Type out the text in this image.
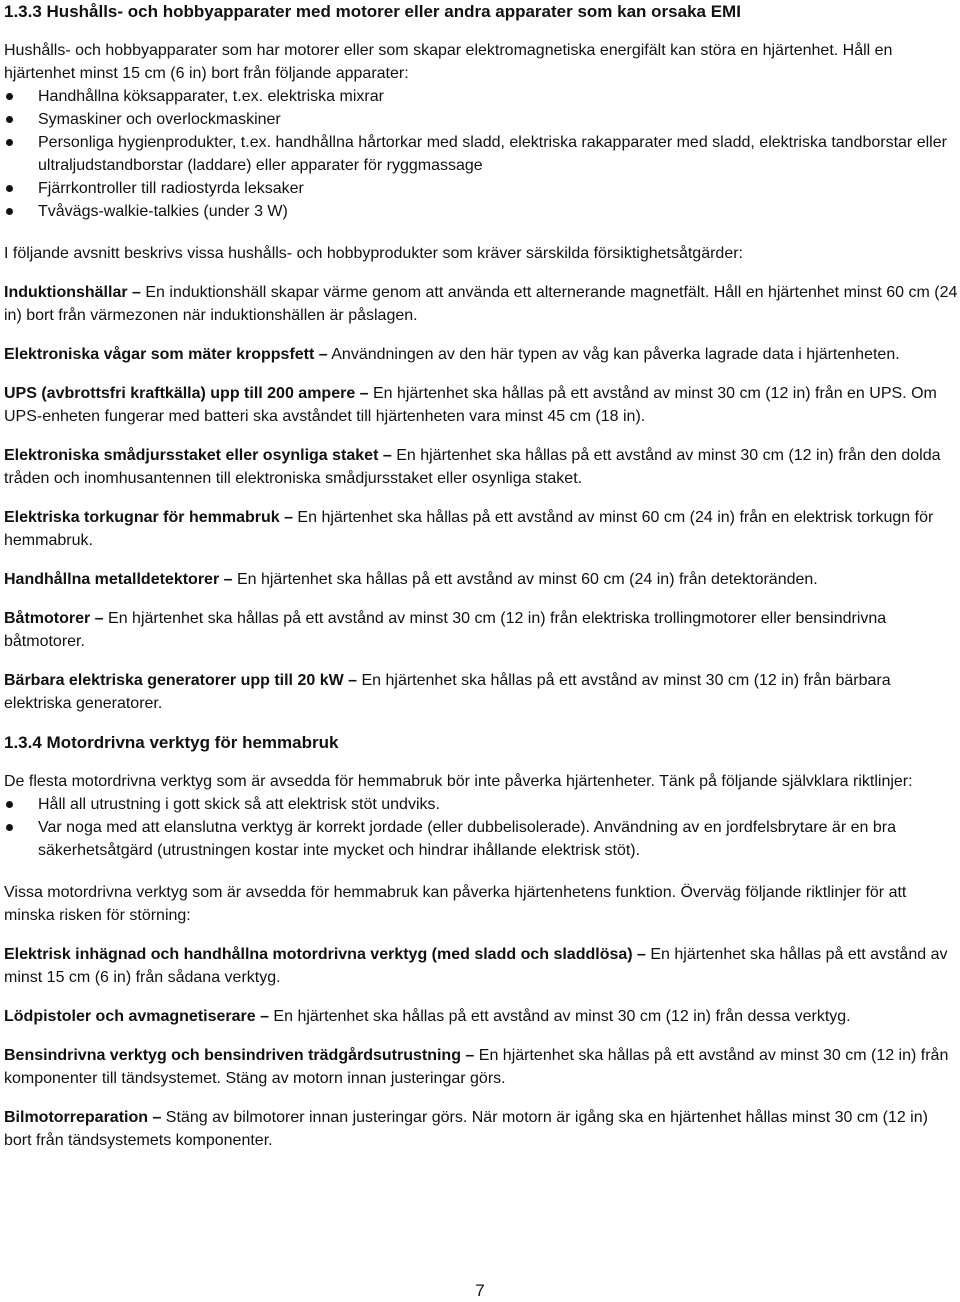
1.3.3 Hushålls- och hobbyapparater med motorer eller andra apparater som kan orsaka EMI

Hushålls- och hobbyapparater som har motorer eller som skapar elektromagnetiska energifält kan störa en hjärtenhet. Håll en hjärtenhet minst 15 cm (6 in) bort från följande apparater:

Handhållna köksapparater, t.ex. elektriska mixrar
Symaskiner och overlockmaskiner
Personliga hygienprodukter, t.ex. handhållna hårtorkar med sladd, elektriska rakapparater med sladd, elektriska tandborstar eller ultraljudstandborstar (laddare) eller apparater för ryggmassage
Fjärrkontroller till radiostyrda leksaker
Tvåvägs-walkie-talkies (under 3 W)

I följande avsnitt beskrivs vissa hushålls- och hobbyprodukter som kräver särskilda försiktighetsåtgärder:

Induktionshällar – En induktionshäll skapar värme genom att använda ett alternerande magnetfält. Håll en hjärtenhet minst 60 cm (24 in) bort från värmezonen när induktionshällen är påslagen.

Elektroniska vågar som mäter kroppsfett – Användningen av den här typen av våg kan påverka lagrade data i hjärtenheten.

UPS (avbrottsfri kraftkälla) upp till 200 ampere – En hjärtenhet ska hållas på ett avstånd av minst 30 cm (12 in) från en UPS. Om UPS-enheten fungerar med batteri ska avståndet till hjärtenheten vara minst 45 cm (18 in).

Elektroniska smådjursstaket eller osynliga staket – En hjärtenhet ska hållas på ett avstånd av minst 30 cm (12 in) från den dolda tråden och inomhusantennen till elektroniska smådjursstaket eller osynliga staket.

Elektriska torkugnar för hemmabruk – En hjärtenhet ska hållas på ett avstånd av minst 60 cm (24 in) från en elektrisk torkugn för hemmabruk.

Handhållna metalldetektorer – En hjärtenhet ska hållas på ett avstånd av minst 60 cm (24 in) från detektoränden.

Båtmotorer – En hjärtenhet ska hållas på ett avstånd av minst 30 cm (12 in) från elektriska trollingmotorer eller bensindrivna båtmotorer.

Bärbara elektriska generatorer upp till 20 kW – En hjärtenhet ska hållas på ett avstånd av minst 30 cm (12 in) från bärbara elektriska generatorer.

1.3.4 Motordrivna verktyg för hemmabruk

De flesta motordrivna verktyg som är avsedda för hemmabruk bör inte påverka hjärtenheter. Tänk på följande självklara riktlinjer:

Håll all utrustning i gott skick så att elektrisk stöt undviks.
Var noga med att elanslutna verktyg är korrekt jordade (eller dubbelisolerade). Användning av en jordfelsbrytare är en bra säkerhetsåtgärd (utrustningen kostar inte mycket och hindrar ihållande elektrisk stöt).

Vissa motordrivna verktyg som är avsedda för hemmabruk kan påverka hjärtenhetens funktion. Överväg följande riktlinjer för att minska risken för störning:

Elektrisk inhägnad och handhållna motordrivna verktyg (med sladd och sladdlösa) – En hjärtenhet ska hållas på ett avstånd av minst 15 cm (6 in) från sådana verktyg.

Lödpistoler och avmagnetiserare – En hjärtenhet ska hållas på ett avstånd av minst 30 cm (12 in) från dessa verktyg.

Bensindrivna verktyg och bensindriven trädgårdsutrustning – En hjärtenhet ska hållas på ett avstånd av minst 30 cm (12 in) från komponenter till tändsystemet. Stäng av motorn innan justeringar görs.

Bilmotorreparation – Stäng av bilmotorer innan justeringar görs. När motorn är igång ska en hjärtenhet hållas minst 30 cm (12 in) bort från tändsystemets komponenter.

7
